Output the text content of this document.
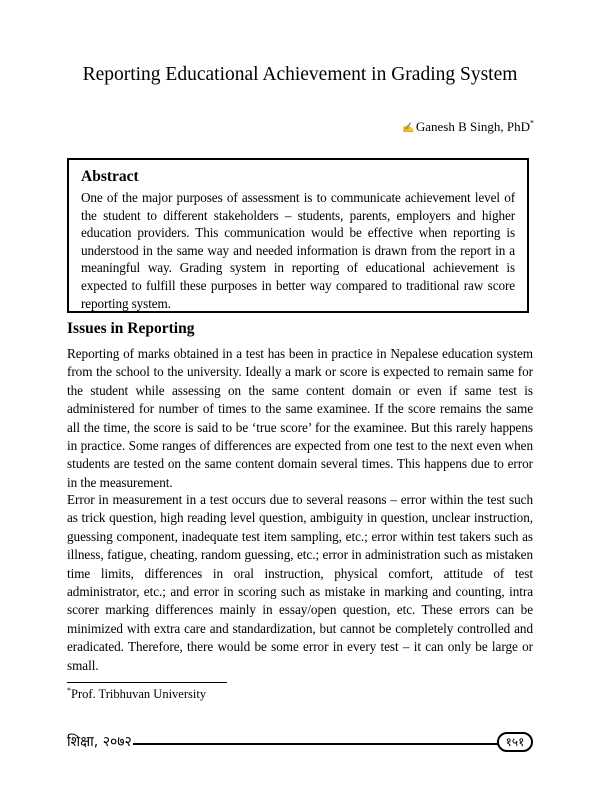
Reporting Educational Achievement in Grading System
✍Ganesh B Singh, PhD*
Abstract
One of the major purposes of assessment is to communicate achievement level of the student to different stakeholders – students, parents, employers and higher education providers. This communication would be effective when reporting is understood in the same way and needed information is drawn from the report in a meaningful way. Grading system in reporting of educational achievement is expected to fulfill these purposes in better way compared to traditional raw score reporting system.
Issues in Reporting
Reporting of marks obtained in a test has been in practice in Nepalese education system from the school to the university. Ideally a mark or score is expected to remain same for the student while assessing on the same content domain or even if same test is administered for number of times to the same examinee. If the score remains the same all the time, the score is said to be ‘true score’ for the examinee. But this rarely happens in practice. Some ranges of differences are expected from one test to the next even when students are tested on the same content domain several times. This happens due to error in the measurement.
Error in measurement in a test occurs due to several reasons – error within the test such as trick question, high reading level question, ambiguity in question, unclear instruction, guessing component, inadequate test item sampling, etc.; error within test takers such as illness, fatigue, cheating, random guessing, etc.; error in administration such as mistaken time limits, differences in oral instruction, physical comfort, attitude of test administrator, etc.; and error in scoring such as mistake in marking and counting, intra scorer marking differences mainly in essay/open question, etc. These errors can be minimized with extra care and standardization, but cannot be completely controlled and eradicated. Therefore, there would be some error in every test – it can only be large or small.
*Prof. Tribhuvan University
शिक्षा, २०७२	१५१
